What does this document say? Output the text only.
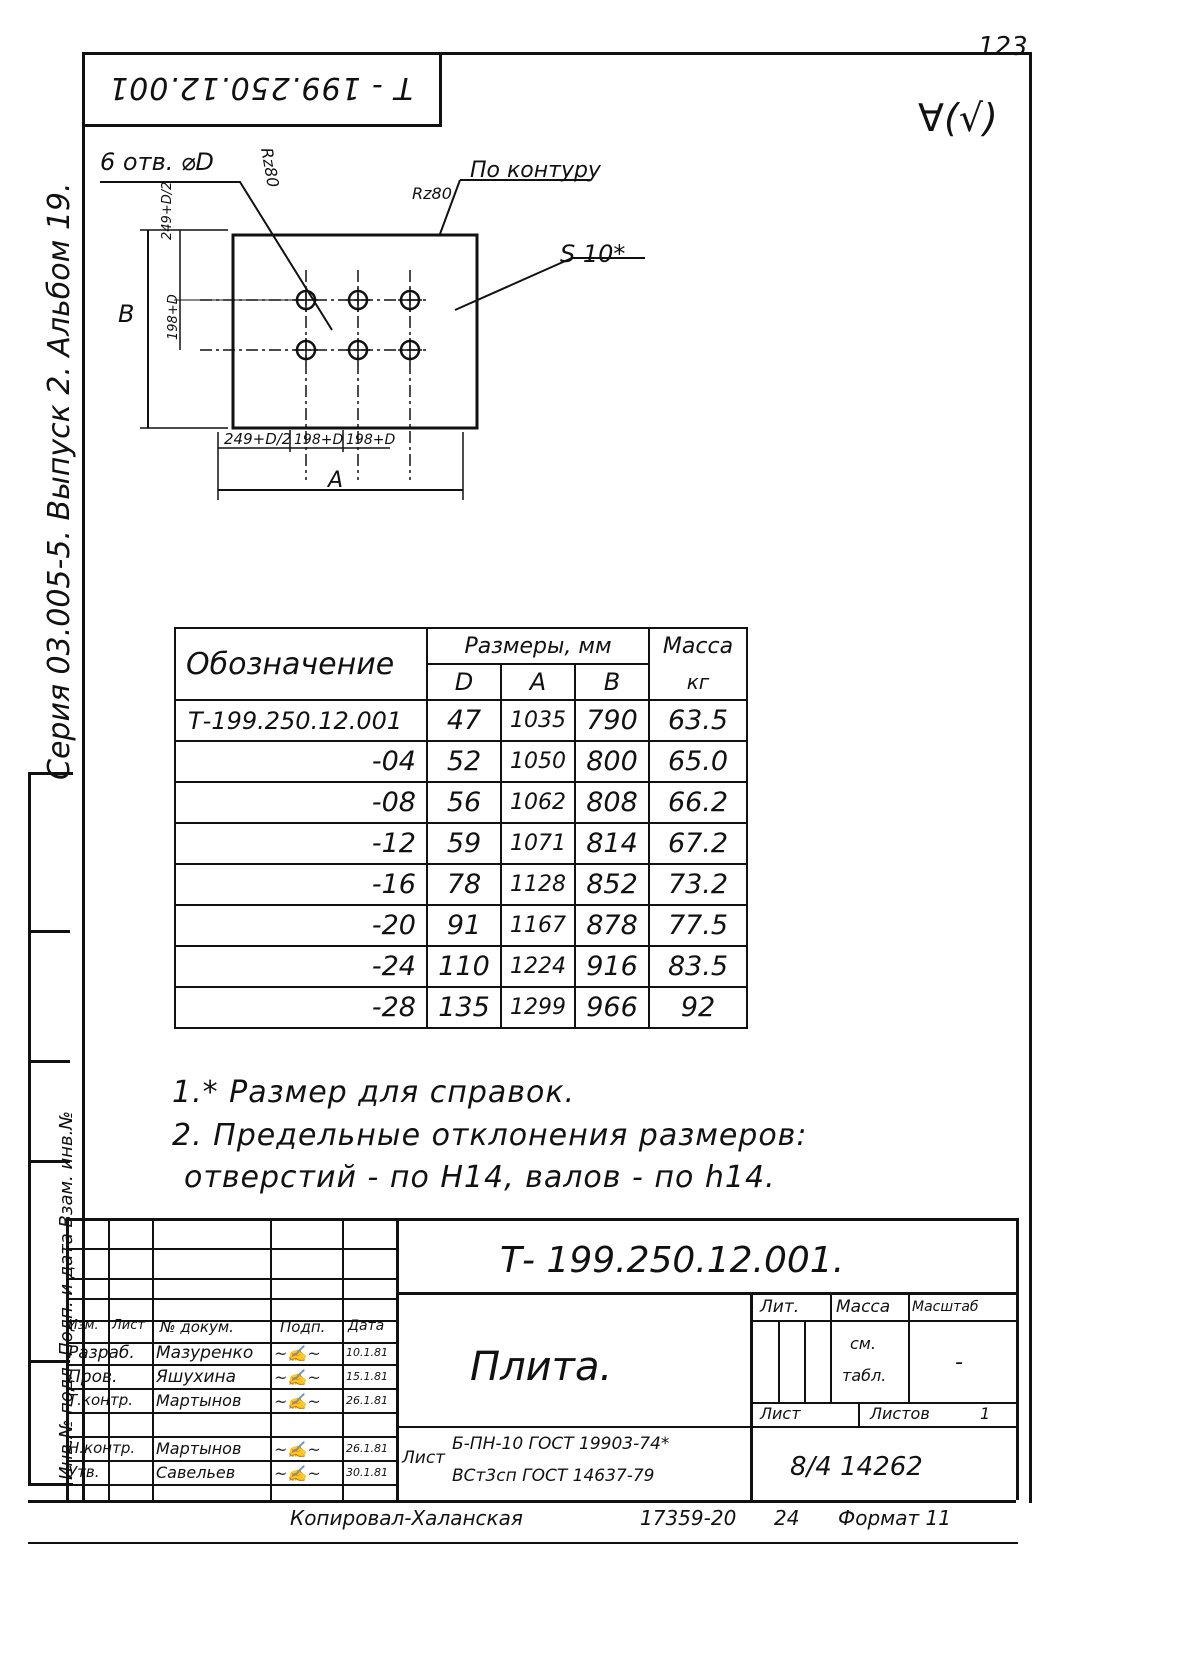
123
Т - 199.250.12.001
∀(√)
Серия 03.005-5. Выпуск 2. Альбом 19.
Инв.№ подл. Подп. и дата Взам. инв.№
6 отв. ⌀D	Rz80
Rz80
По контуру
S 10*
B
249+D/2
198+D
249+D/2 198+D 198+D
A
Обозначение	Размеры, мм			Масса
	D	A	B	кг
Т-199.250.12.001	47	1035	790	63.5
-04	52	1050	800	65.0
-08	56	1062	808	66.2
-12	59	1071	814	67.2
-16	78	1128	852	73.2
-20	91	1167	878	77.5
-24	110	1224	916	83.5
-28	135	1299	966	92
1.* Размер для справок.
2. Предельные отклонения размеров:
отверстий - по H14, валов - по h14.
Т- 199.250.12.001.
Плита.
Изм. Лист № докум.	Подп. Дата
Разраб. Мазуренко ~✍~ 10.1.81
Пров. Яшухина ~✍~ 15.1.81
Т.контр. Мартынов ~✍~ 26.1.81
Н.контр. Мартынов ~✍~ 26.1.81
Утв.	Савельев ~✍~ 30.1.81
Лит. Масса Масштаб
см.
табл.
-
Лист	Листов	1
Лист
Б-ПН-10 ГОСТ 19903-74*
ВСт3сп ГОСТ 14637-79	8/4 14262
Копировал-Халанская	17359-20 24 Формат 11
